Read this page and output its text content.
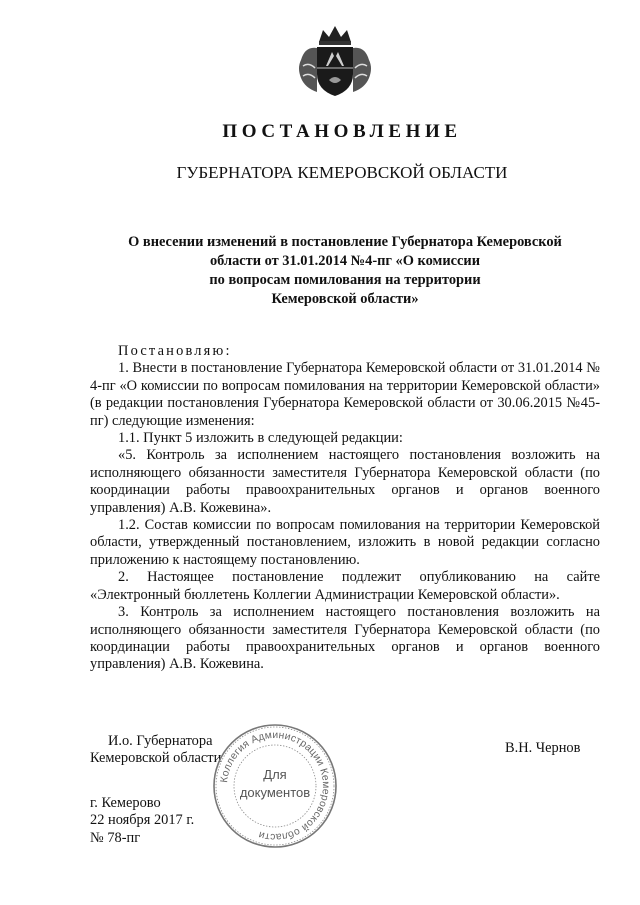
ПОСТАНОВЛЕНИЕ
ГУБЕРНАТОРА КЕМЕРОВСКОЙ ОБЛАСТИ
О внесении изменений в постановление Губернатора Кемеровской
области от 31.01.2014 №4-пг «О комиссии
по вопросам помилования на территории
Кемеровской области»

Постановляю:

1. Внести в постановление Губернатора Кемеровской области от 31.01.2014 № 4-пг «О комиссии по вопросам помилования на территории Кемеровской области» (в редакции постановления Губернатора Кемеровской области от 30.06.2015 №45-пг) следующие изменения:

1.1. Пункт 5 изложить в следующей редакции:

«5. Контроль за исполнением настоящего постановления возложить на исполняющего обязанности заместителя Губернатора Кемеровской области (по координации работы правоохранительных органов и органов военного управления) А.В. Кожевина».

1.2. Состав комиссии по вопросам помилования на территории Кемеровской области, утвержденный постановлением, изложить в новой редакции согласно приложению к настоящему постановлению.

2. Настоящее постановление подлежит опубликованию на сайте «Электронный бюллетень Коллегии Администрации Кемеровской области».

3. Контроль за исполнением настоящего постановления возложить на исполняющего обязанности заместителя Губернатора Кемеровской области (по координации работы правоохранительных органов и органов военного управления) А.В. Кожевина.

И.о. Губернатора
Кемеровской области
В.Н. Чернов
Коллегия Администрации Кемеровской области
Для
документов
г. Кемерово
22 ноября 2017 г.
№ 78-пг
